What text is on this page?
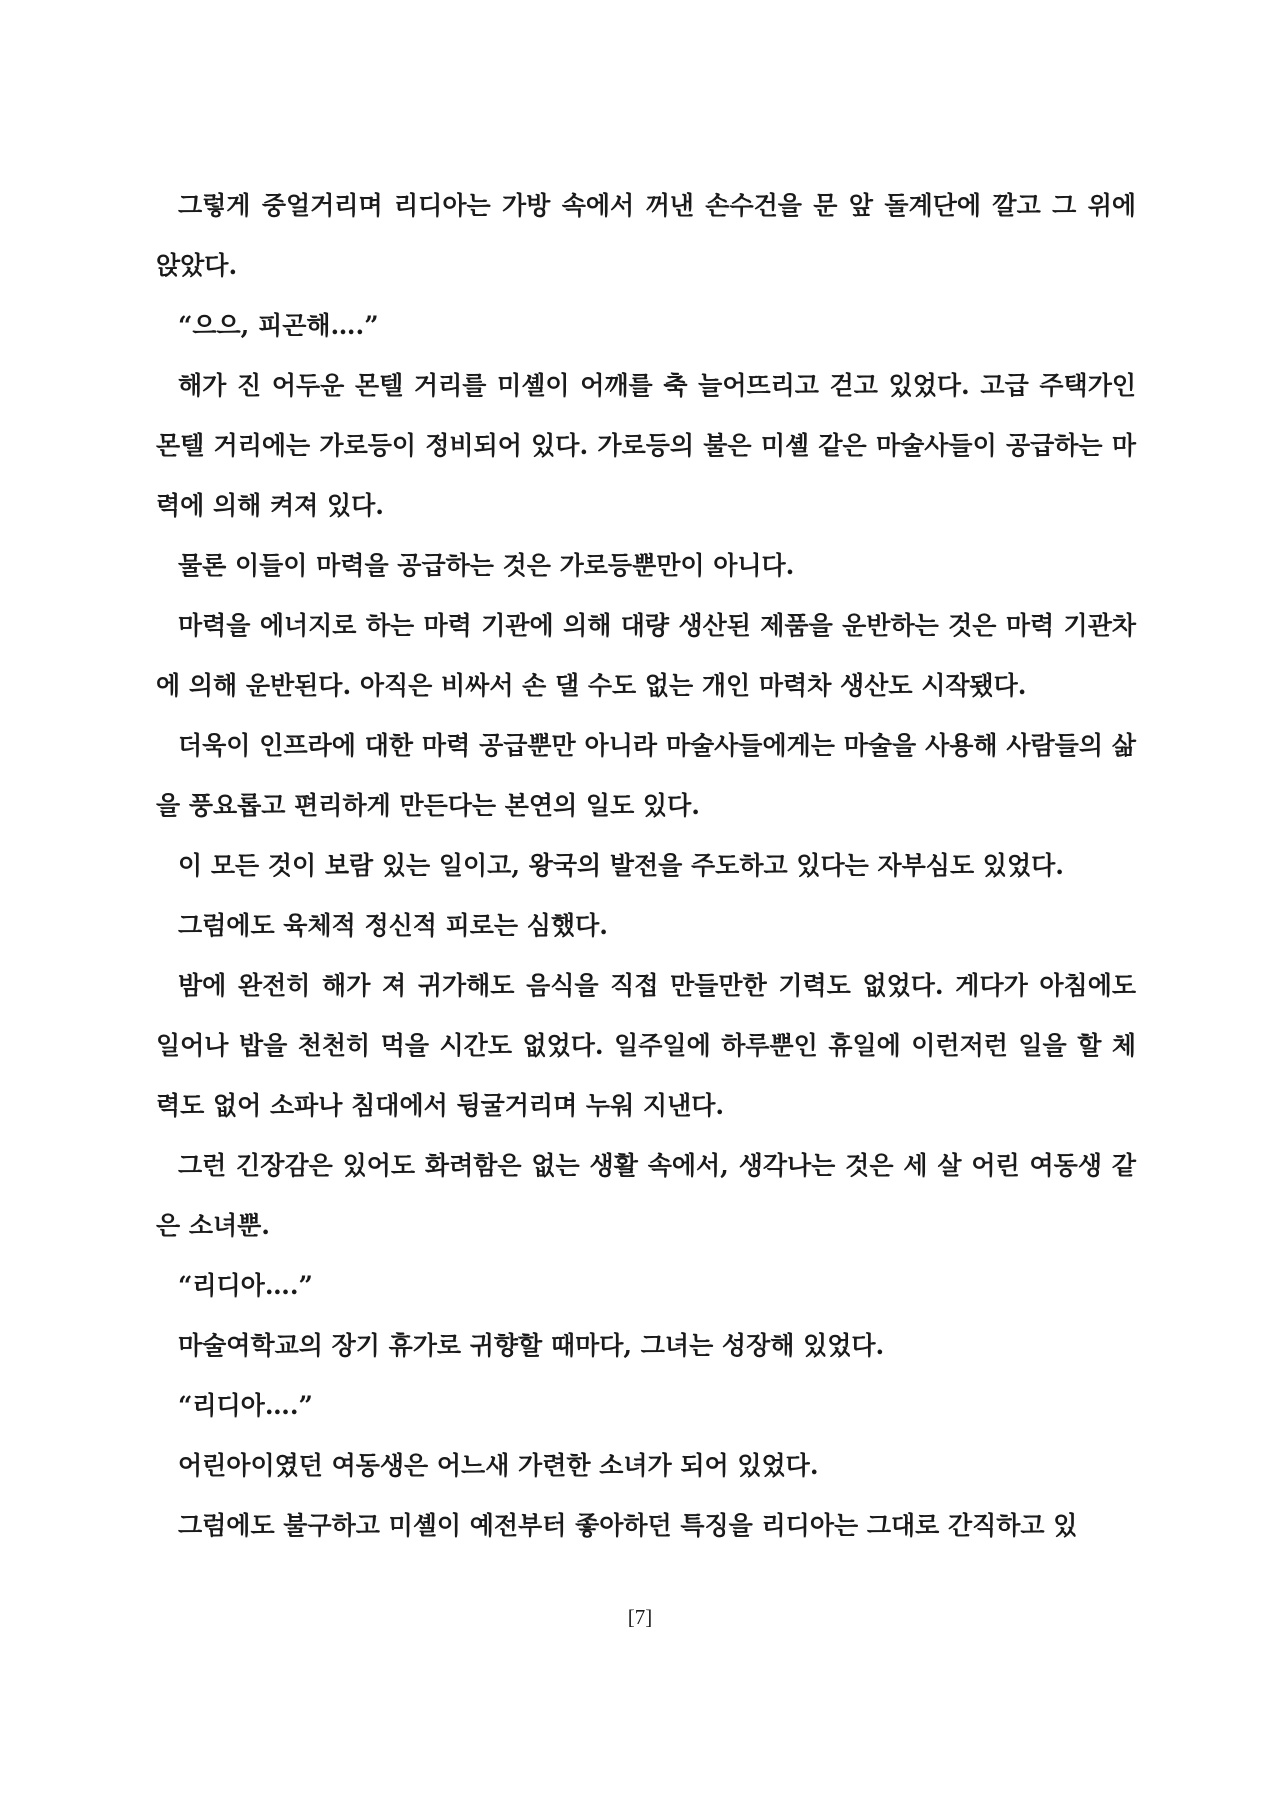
그렇게 중얼거리며 리디아는 가방 속에서 꺼낸 손수건을 문 앞 돌계단에 깔고 그 위에 앉았다.

“으으, 피곤해….”

해가 진 어두운 몬텔 거리를 미셸이 어깨를 축 늘어뜨리고 걷고 있었다. 고급 주택가인 몬텔 거리에는 가로등이 정비되어 있다. 가로등의 불은 미셸 같은 마술사들이 공급하는 마력에 의해 켜져 있다.

물론 이들이 마력을 공급하는 것은 가로등뿐만이 아니다.

마력을 에너지로 하는 마력 기관에 의해 대량 생산된 제품을 운반하는 것은 마력 기관차에 의해 운반된다. 아직은 비싸서 손 댈 수도 없는 개인 마력차 생산도 시작됐다.

더욱이 인프라에 대한 마력 공급뿐만 아니라 마술사들에게는 마술을 사용해 사람들의 삶을 풍요롭고 편리하게 만든다는 본연의 일도 있다.

이 모든 것이 보람 있는 일이고, 왕국의 발전을 주도하고 있다는 자부심도 있었다.

그럼에도 육체적 정신적 피로는 심했다.

밤에 완전히 해가 져 귀가해도 음식을 직접 만들만한 기력도 없었다. 게다가 아침에도 일어나 밥을 천천히 먹을 시간도 없었다. 일주일에 하루뿐인 휴일에 이런저런 일을 할 체력도 없어 소파나 침대에서 뒹굴거리며 누워 지낸다.

그런 긴장감은 있어도 화려함은 없는 생활 속에서, 생각나는 것은 세 살 어린 여동생 같은 소녀뿐.

“리디아….”

마술여학교의 장기 휴가로 귀향할 때마다, 그녀는 성장해 있었다.

“리디아….”

어린아이였던 여동생은 어느새 가련한 소녀가 되어 있었다.

그럼에도 불구하고 미셸이 예전부터 좋아하던 특징을 리디아는 그대로 간직하고 있

[7]
